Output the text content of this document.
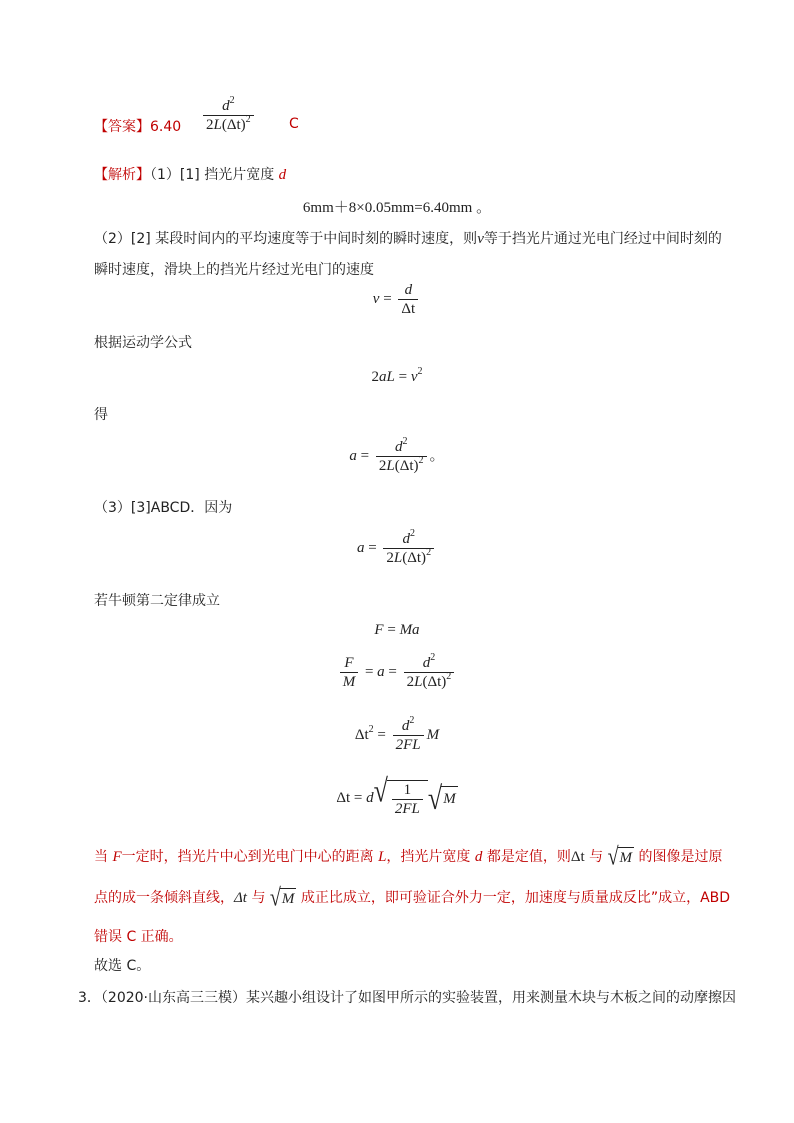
【答案】$6.40 \frac{d^2}{2L(\Delta t)^2}$	C
【解析】（1）[1] 挡光片宽度 d
6mm＋8×0.05mm=6.40mm 。
（2）[2] 某段时间内的平均速度等于中间时刻的瞬时速度，则v等于挡光片通过光电门经过中间时刻的
瞬时速度，滑块上的挡光片经过光电门的速度
$v = \frac{d}{\Delta t}$
根据运动学公式
$2aL = v^2$
得
$a = \frac{d^2}{2L(\Delta t)^2}$ 。
（3）[3]ABCD．因为
$a = \frac{d^2}{2L(\Delta t)^2}$
若牛顿第二定律成立
F = Ma
$\frac{F}{M} = a = \frac{d^2}{2L(\Delta t)^2}$
$\Delta t^2 = \frac{d^2}{2FL}$ M
Δt = d √ $\frac{1}{2FL}$ √ M
当 F一定时，挡光片中心到光电门中心的距离 L，挡光片宽度 d 都是定值，则Δt 与 √ M 的图像是过原
点的成一条倾斜直线，Δt 与 √ M 成正比成立，即可验证合外力一定，加速度与质量成反比”成立，ABD
错误 C 正确。
故选 C。
3．（2020·山东高三三模）某兴趣小组设计了如图甲所示的实验装置，用来测量木块与木板之间的动摩擦因
